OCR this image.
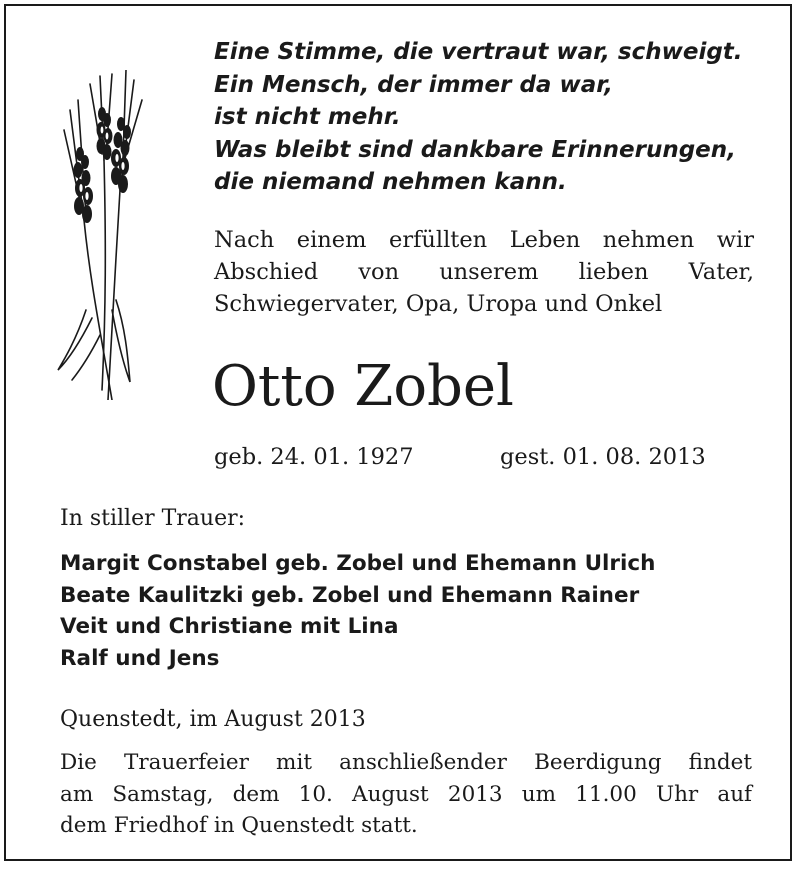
Eine Stimme, die vertraut war, schweigt.
Ein Mensch, der immer da war,
ist nicht mehr.
Was bleibt sind dankbare Erinnerungen,
die niemand nehmen kann.
Nach einem erfüllten Leben nehmen wir
Abschied von unserem lieben Vater,
Schwiegervater, Opa, Uropa und Onkel
Otto Zobel
geb. 24. 01. 1927	gest. 01. 08. 2013
In stiller Trauer:
Margit Constabel geb. Zobel und Ehemann Ulrich
Beate Kaulitzki geb. Zobel und Ehemann Rainer
Veit und Christiane mit Lina
Ralf und Jens
Quenstedt, im August 2013
Die Trauerfeier mit anschließender Beerdigung findet
am Samstag, dem 10. August 2013 um 11.00 Uhr auf
dem Friedhof in Quenstedt statt.
